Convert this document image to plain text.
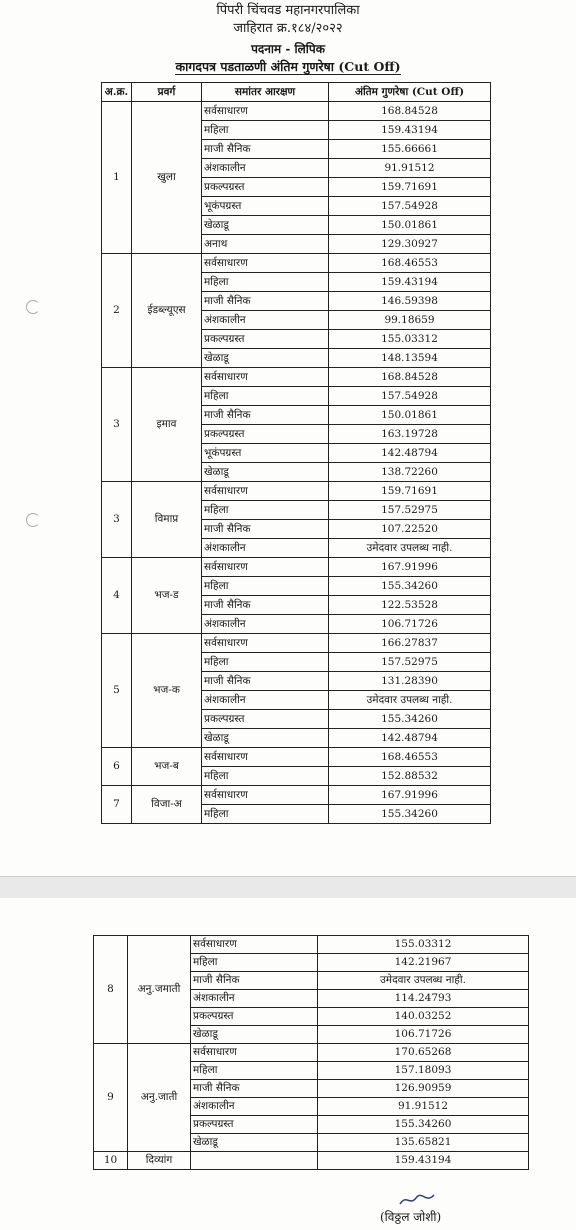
पिंपरी चिंचवड महानगरपालिका
जाहिरात क्र.१८४/२०२२
पदनाम - लिपिक
कागदपत्र पडताळणी अंतिम गुणरेषा (Cut Off)
अ.क्र.	प्रवर्ग	समांतर आरक्षण	अंतिम गुणरेषा (Cut Off)
1	खुला	सर्वसाधारण	168.84528
		महिला	159.43194
		माजी सैनिक	155.66661
		अंशकालीन	91.91512
		प्रकल्पग्रस्त	159.71691
		भूकंपग्रस्त	157.54928
		खेळाडू	150.01861
		अनाथ	129.30927
2	ईडब्ल्यूएस	सर्वसाधारण	168.46553
		महिला	159.43194
		माजी सैनिक	146.59398
		अंशकालीन	99.18659
		प्रकल्पग्रस्त	155.03312
		खेळाडू	148.13594
3	इमाव	सर्वसाधारण	168.84528
		महिला	157.54928
		माजी सैनिक	150.01861
		प्रकल्पग्रस्त	163.19728
		भूकंपग्रस्त	142.48794
		खेळाडू	138.72260
3	विमाप्र	सर्वसाधारण	159.71691
		महिला	157.52975
		माजी सैनिक	107.22520
		अंशकालीन	उमेदवार उपलब्ध नाही.
4	भज-ड	सर्वसाधारण	167.91996
		महिला	155.34260
		माजी सैनिक	122.53528
		अंशकालीन	106.71726
5	भज-क	सर्वसाधारण	166.27837
		महिला	157.52975
		माजी सैनिक	131.28390
		अंशकालीन	उमेदवार उपलब्ध नाही.
		प्रकल्पग्रस्त	155.34260
		खेळाडू	142.48794
6	भज-ब	सर्वसाधारण	168.46553
		महिला	152.88532
7	विजा-अ	सर्वसाधारण	167.91996
		महिला	155.34260
8	अनु.जमाती	सर्वसाधारण	155.03312
		महिला	142.21967
		माजी सैनिक	उमेदवार उपलब्ध नाही.
		अंशकालीन	114.24793
		प्रकल्पग्रस्त	140.03252
		खेळाडू	106.71726
9	अनु.जाती	सर्वसाधारण	170.65268
		महिला	157.18093
		माजी सैनिक	126.90959
		अंशकालीन	91.91512
		प्रकल्पग्रस्त	155.34260
		खेळाडू	135.65821
10	दिव्यांग		159.43194
(विठ्ठल जोशी)
